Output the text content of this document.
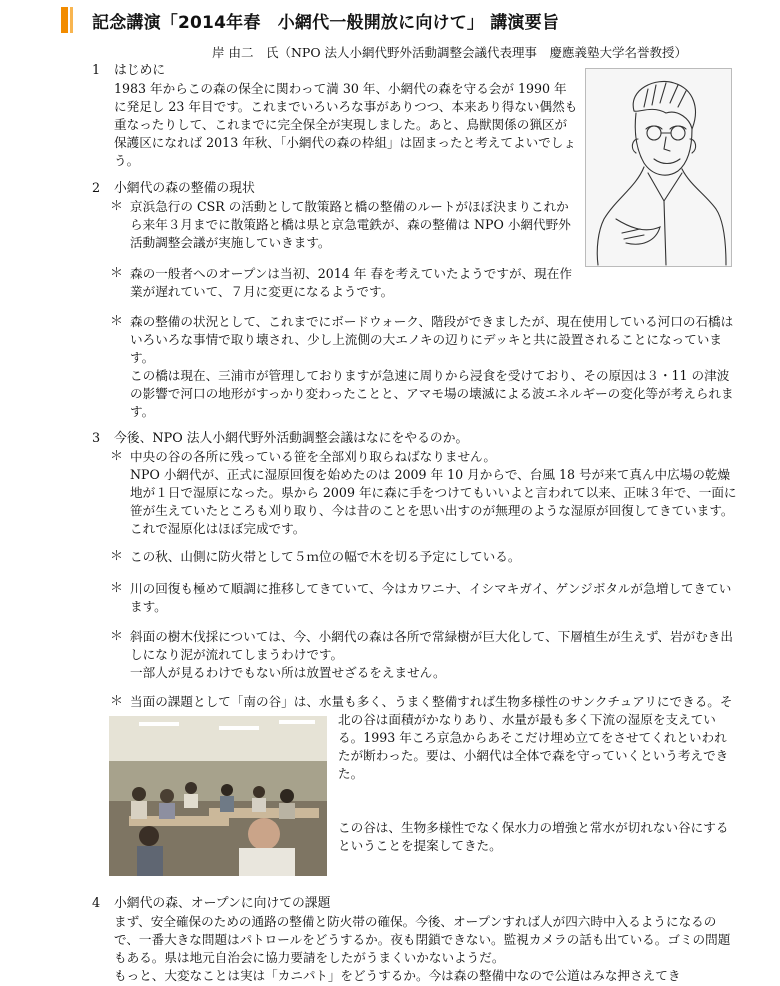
記念講演「2014年春　小網代一般開放に向けて」 講演要旨
岸 由二　氏（NPO 法人小網代野外活動調整会議代表理事　慶應義塾大学名誉教授）
1 はじめに
1983 年からこの森の保全に関わって満 30 年、小網代の森を守る会が 1990 年に発足し 23 年目です。これまでいろいろな事がありつつ、本来あり得ない偶然も重なったりして、これまでに完全保全が実現しました。あと、鳥獣関係の猟区が保護区になれば 2013 年秋、「小網代の森の枠組」は固まったと考えてよいでしょう。
2 小網代の森の整備の現状
＊ 京浜急行の CSR の活動として散策路と橋の整備のルートがほぼ決まりこれから来年３月までに散策路と橋は県と京急電鉄が、森の整備は NPO 小網代野外活動調整会議が実施していきます。
＊ 森の一般者へのオープンは当初、2014 年 春を考えていたようですが、現在作業が遅れていて、７月に変更になるようです。
＊ 森の整備の状況として、これまでにボードウォーク、階段ができましたが、現在使用している河口の石橋はいろいろな事情で取り壊され、少し上流側の大エノキの辺りにデッキと共に設置されることになっています。
この橋は現在、三浦市が管理しておりますが急速に周りから浸食を受けており、その原因は３・11 の津波の影響で河口の地形がすっかり変わったことと、アマモ場の壊滅による波エネルギーの変化等が考えられます。
3 今後、NPO 法人小網代野外活動調整会議はなにをやるのか。
＊ 中央の谷の各所に残っている笹を全部刈り取らねばなりません。
NPO 小網代が、正式に湿原回復を始めたのは 2009 年 10 月からで、台風 18 号が来て真ん中広場の乾燥地が１日で湿原になった。県から 2009 年に森に手をつけてもいいよと言われて以来、正味３年で、一面に笹が生えていたところも刈り取り、今は昔のことを思い出すのが無理のような湿原が回復してきています。これで湿原化はほぼ完成です。
＊ この秋、山側に防火帯として５ｍ位の幅で木を切る予定にしている。
＊ 川の回復も極めて順調に推移してきていて、今はカワニナ、イシマキガイ、ゲンジボタルが急増してきています。
＊ 斜面の樹木伐採については、今、小網代の森は各所で常緑樹が巨大化して、下層植生が生えず、岩がむき出しになり泥が流れてしまうわけです。
一部人が見るわけでもない所は放置せざるをえません。
＊ 当面の課題として「南の谷」は、水量も多く、うまく整備すれば生物多様性のサンクチュアリにできる。そ
北の谷は面積がかなりあり、水量が最も多く下流の湿原を支えている。1993 年ころ京急からあそこだけ埋め立てをさせてくれといわれたが断わった。要は、小網代は全体で森を守っていくという考えできた。
この谷は、生物多様性でなく保水力の増強と常水が切れない谷にするということを提案してきた。
4 小網代の森、オープンに向けての課題
まず、安全確保のための通路の整備と防火帯の確保。今後、オープンすれば人が四六時中入るようになるので、一番大きな問題はパトロールをどうするか。夜も閉鎖できない。監視カメラの話も出ている。ゴミの問題もある。県は地元自治会に協力要請をしたがうまくいかないようだ。
もっと、大変なことは実は「カニパト」をどうするか。今は森の整備中なので公道はみな押さえてき
